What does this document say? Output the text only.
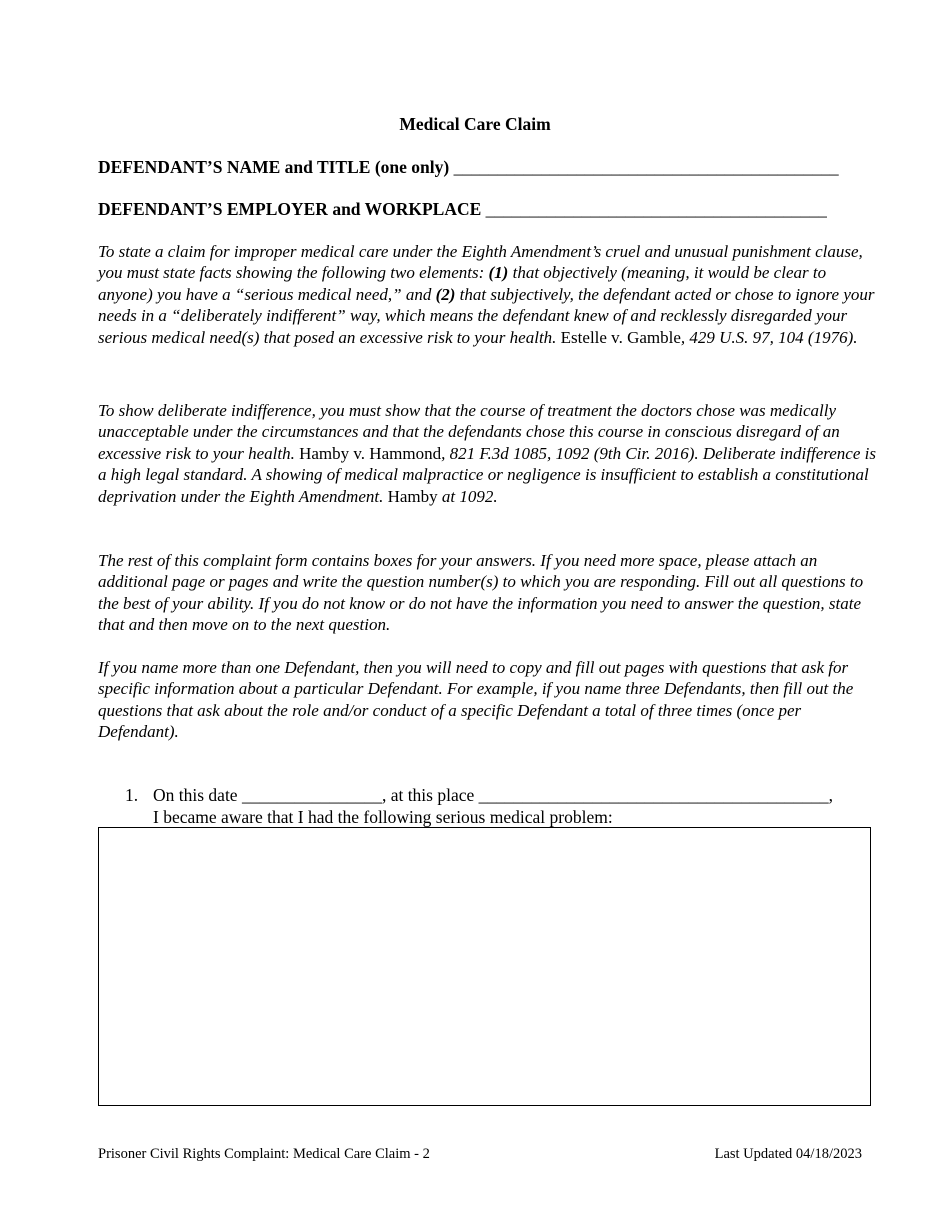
Medical Care Claim
DEFENDANT’S NAME and TITLE (one only) ____________________________________________
DEFENDANT’S EMPLOYER and WORKPLACE _______________________________________

To state a claim for improper medical care under the Eighth Amendment’s cruel and unusual punishment clause, you must state facts showing the following two elements: (1) that objectively (meaning, it would be clear to anyone) you have a “serious medical need,” and (2) that subjectively, the defendant acted or chose to ignore your needs in a “deliberately indifferent” way, which means the defendant knew of and recklessly disregarded your serious medical need(s) that posed an excessive risk to your health. Estelle v. Gamble, 429 U.S. 97, 104 (1976).

To show deliberate indifference, you must show that the course of treatment the doctors chose was medically unacceptable under the circumstances and that the defendants chose this course in conscious disregard of an excessive risk to your health. Hamby v. Hammond, 821 F.3d 1085, 1092 (9th Cir. 2016). Deliberate indifference is a high legal standard. A showing of medical malpractice or negligence is insufficient to establish a constitutional deprivation under the Eighth Amendment. Hamby at 1092.

The rest of this complaint form contains boxes for your answers. If you need more space, please attach an additional page or pages and write the question number(s) to which you are responding. Fill out all questions to the best of your ability. If you do not know or do not have the information you need to answer the question, state that and then move on to the next question.

If you name more than one Defendant, then you will need to copy and fill out pages with questions that ask for specific information about a particular Defendant. For example, if you name three Defendants, then fill out the questions that ask about the role and/or conduct of a specific Defendant a total of three times (once per Defendant).

1. On this date ________________, at this place ________________________________________,
I became aware that I had the following serious medical problem:
Prisoner Civil Rights Complaint: Medical Care Claim - 2	Last Updated 04/18/2023
